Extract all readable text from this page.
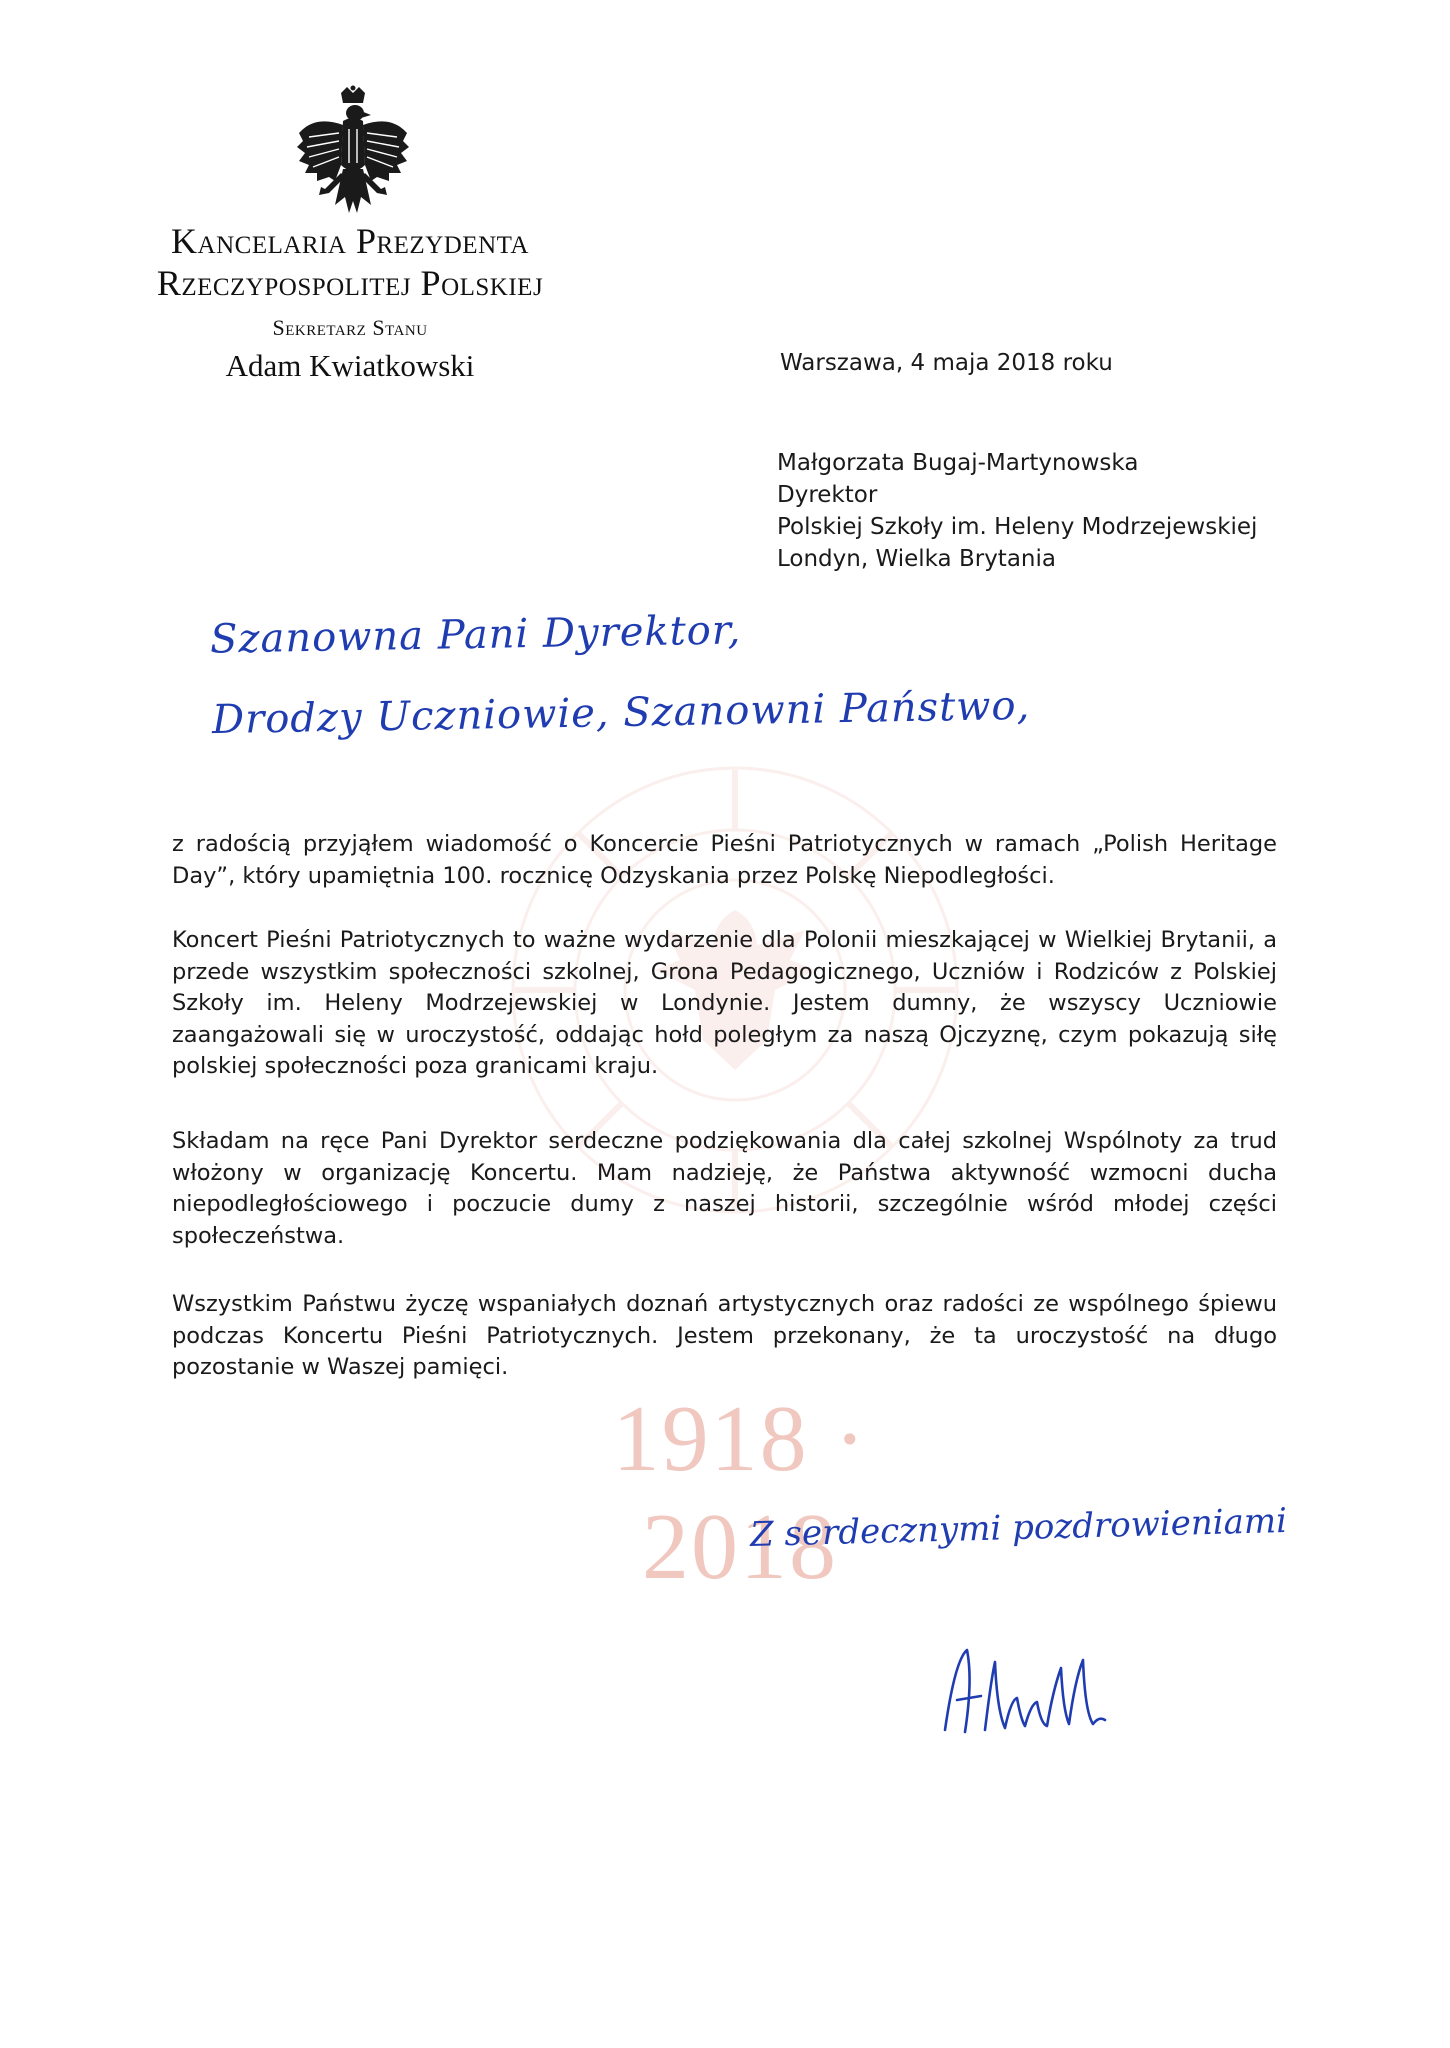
Kancelaria Prezydenta
Rzeczypospolitej Polskiej
Sekretarz Stanu
Adam Kwiatkowski	Warszawa, 4 maja 2018 roku
Małgorzata Bugaj-Martynowska
Dyrektor
Polskiej Szkoły im. Heleny Modrzejewskiej
Londyn, Wielka Brytania
1918 · 2018
Szanowna Pani Dyrektor,
Drodzy Uczniowie, Szanowni Państwo,

z radością przyjąłem wiadomość o Koncercie Pieśni Patriotycznych w ramach „Polish Heritage Day”, który upamiętnia 100. rocznicę Odzyskania przez Polskę Niepodległości.

Koncert Pieśni Patriotycznych to ważne wydarzenie dla Polonii mieszkającej w Wielkiej Brytanii, a przede wszystkim społeczności szkolnej, Grona Pedagogicznego, Uczniów i Rodziców z Polskiej Szkoły im. Heleny Modrzejewskiej w Londynie. Jestem dumny, że wszyscy Uczniowie zaangażowali się w uroczystość, oddając hołd poległym za naszą Ojczyznę, czym pokazują siłę polskiej społeczności poza granicami kraju.

Składam na ręce Pani Dyrektor serdeczne podziękowania dla całej szkolnej Wspólnoty za trud włożony w organizację Koncertu. Mam nadzieję, że Państwa aktywność wzmocni ducha niepodległościowego i poczucie dumy z naszej historii, szczególnie wśród młodej części społeczeństwa.

Wszystkim Państwu życzę wspaniałych doznań artystycznych oraz radości ze wspólnego śpiewu podczas Koncertu Pieśni Patriotycznych. Jestem przekonany, że ta uroczystość na długo pozostanie w Waszej pamięci.

Z serdecznymi pozdrowieniami
